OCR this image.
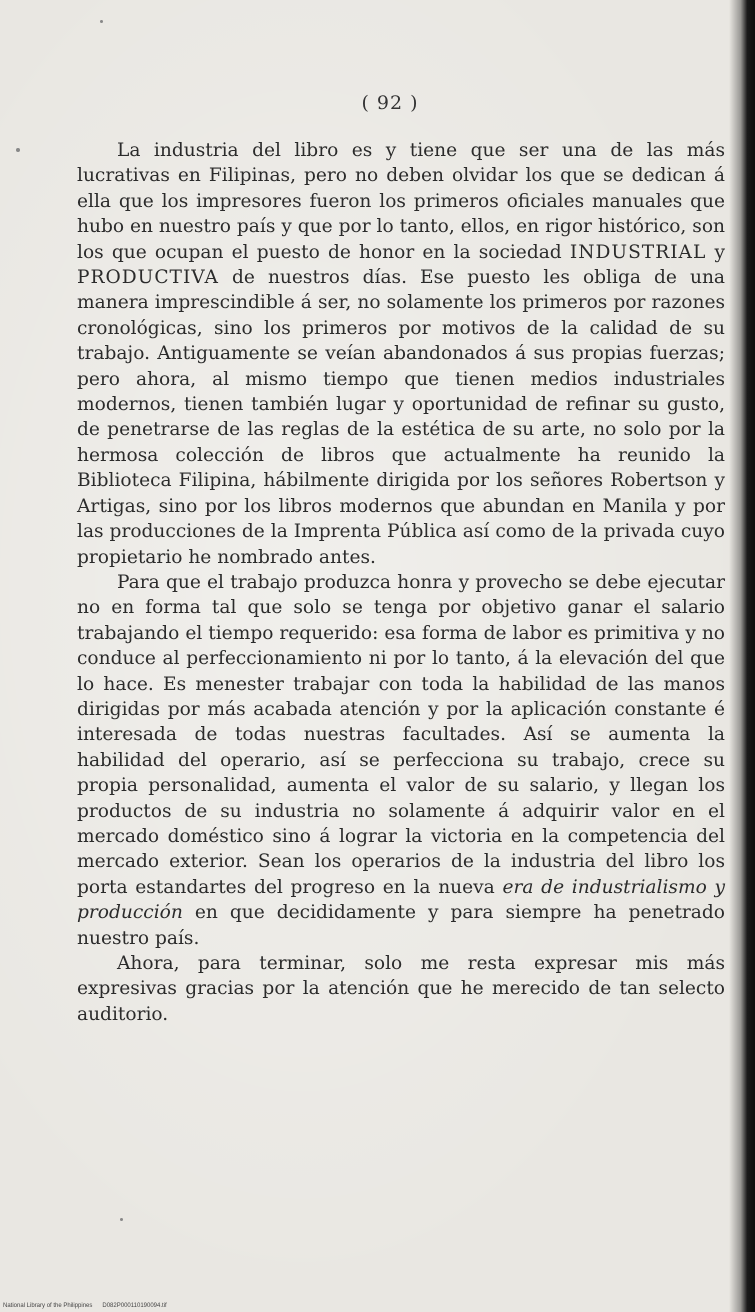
( 92 )

La industria del libro es y tiene que ser una de las más lucrativas en Filipinas, pero no deben olvidar los que se dedican á ella que los impresores fueron los primeros oficiales manuales que hubo en nuestro país y que por lo tanto, ellos, en rigor histórico, son los que ocupan el puesto de honor en la sociedad INDUSTRIAL y PRODUCTIVA de nuestros días. Ese puesto les obliga de una manera imprescindible á ser, no solamente los primeros por razones cronológicas, sino los primeros por motivos de la calidad de su trabajo. Antiguamente se veían abandonados á sus propias fuerzas; pero ahora, al mismo tiempo que tienen medios industriales modernos, tienen también lugar y oportunidad de refinar su gusto, de penetrarse de las reglas de la estética de su arte, no solo por la hermosa colección de libros que actualmente ha reunido la Biblioteca Filipina, hábilmente dirigida por los señores Robertson y Artigas, sino por los libros modernos que abundan en Manila y por las producciones de la Imprenta Pública así como de la privada cuyo propietario he nombrado antes.

Para que el trabajo produzca honra y provecho se debe ejecutar no en forma tal que solo se tenga por objetivo ganar el salario trabajando el tiempo requerido: esa forma de labor es primitiva y no conduce al perfeccionamiento ni por lo tanto, á la elevación del que lo hace. Es menester trabajar con toda la habilidad de las manos dirigidas por más acabada atención y por la aplicación constante é interesada de todas nuestras facultades. Así se aumenta la habilidad del operario, así se perfecciona su trabajo, crece su propia personalidad, aumenta el valor de su salario, y llegan los productos de su industria no solamente á adquirir valor en el mercado doméstico sino á lograr la victoria en la competencia del mercado exterior. Sean los operarios de la industria del libro los porta estandartes del progreso en la nueva era de industrialismo y producción en que decididamente y para siempre ha penetrado nuestro país.

Ahora, para terminar, solo me resta expresar mis más expresivas gracias por la atención que he merecido de tan selecto auditorio.

National Library of the Philippines D082P000110190094.tif
